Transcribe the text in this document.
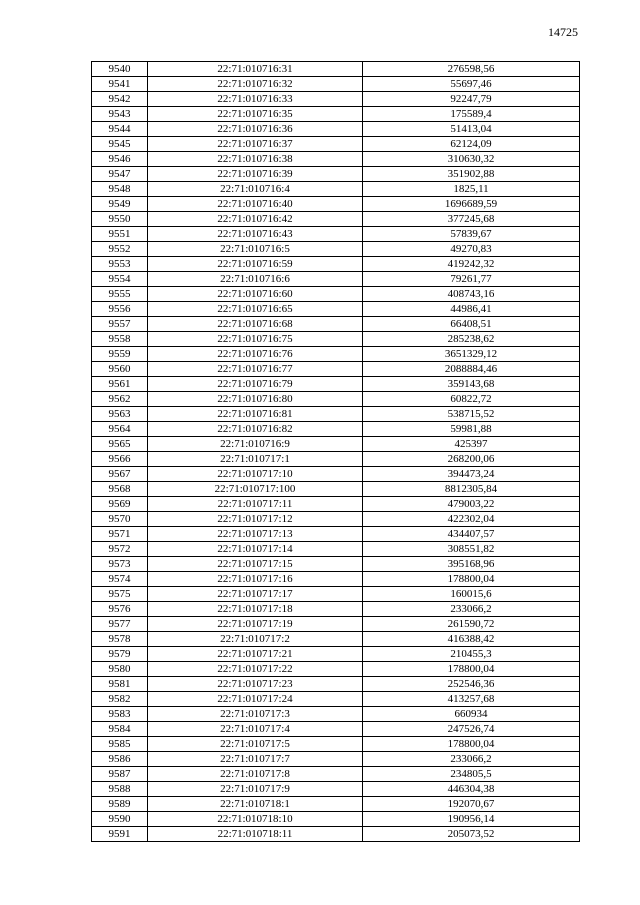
14725
9540	22:71:010716:31	276598,56
9541	22:71:010716:32	55697,46
9542	22:71:010716:33	92247,79
9543	22:71:010716:35	175589,4
9544	22:71:010716:36	51413,04
9545	22:71:010716:37	62124,09
9546	22:71:010716:38	310630,32
9547	22:71:010716:39	351902,88
9548	22:71:010716:4	1825,11
9549	22:71:010716:40	1696689,59
9550	22:71:010716:42	377245,68
9551	22:71:010716:43	57839,67
9552	22:71:010716:5	49270,83
9553	22:71:010716:59	419242,32
9554	22:71:010716:6	79261,77
9555	22:71:010716:60	408743,16
9556	22:71:010716:65	44986,41
9557	22:71:010716:68	66408,51
9558	22:71:010716:75	285238,62
9559	22:71:010716:76	3651329,12
9560	22:71:010716:77	2088884,46
9561	22:71:010716:79	359143,68
9562	22:71:010716:80	60822,72
9563	22:71:010716:81	538715,52
9564	22:71:010716:82	59981,88
9565	22:71:010716:9	425397
9566	22:71:010717:1	268200,06
9567	22:71:010717:10	394473,24
9568	22:71:010717:100	8812305,84
9569	22:71:010717:11	479003,22
9570	22:71:010717:12	422302,04
9571	22:71:010717:13	434407,57
9572	22:71:010717:14	308551,82
9573	22:71:010717:15	395168,96
9574	22:71:010717:16	178800,04
9575	22:71:010717:17	160015,6
9576	22:71:010717:18	233066,2
9577	22:71:010717:19	261590,72
9578	22:71:010717:2	416388,42
9579	22:71:010717:21	210455,3
9580	22:71:010717:22	178800,04
9581	22:71:010717:23	252546,36
9582	22:71:010717:24	413257,68
9583	22:71:010717:3	660934
9584	22:71:010717:4	247526,74
9585	22:71:010717:5	178800,04
9586	22:71:010717:7	233066,2
9587	22:71:010717:8	234805,5
9588	22:71:010717:9	446304,38
9589	22:71:010718:1	192070,67
9590	22:71:010718:10	190956,14
9591	22:71:010718:11	205073,52
